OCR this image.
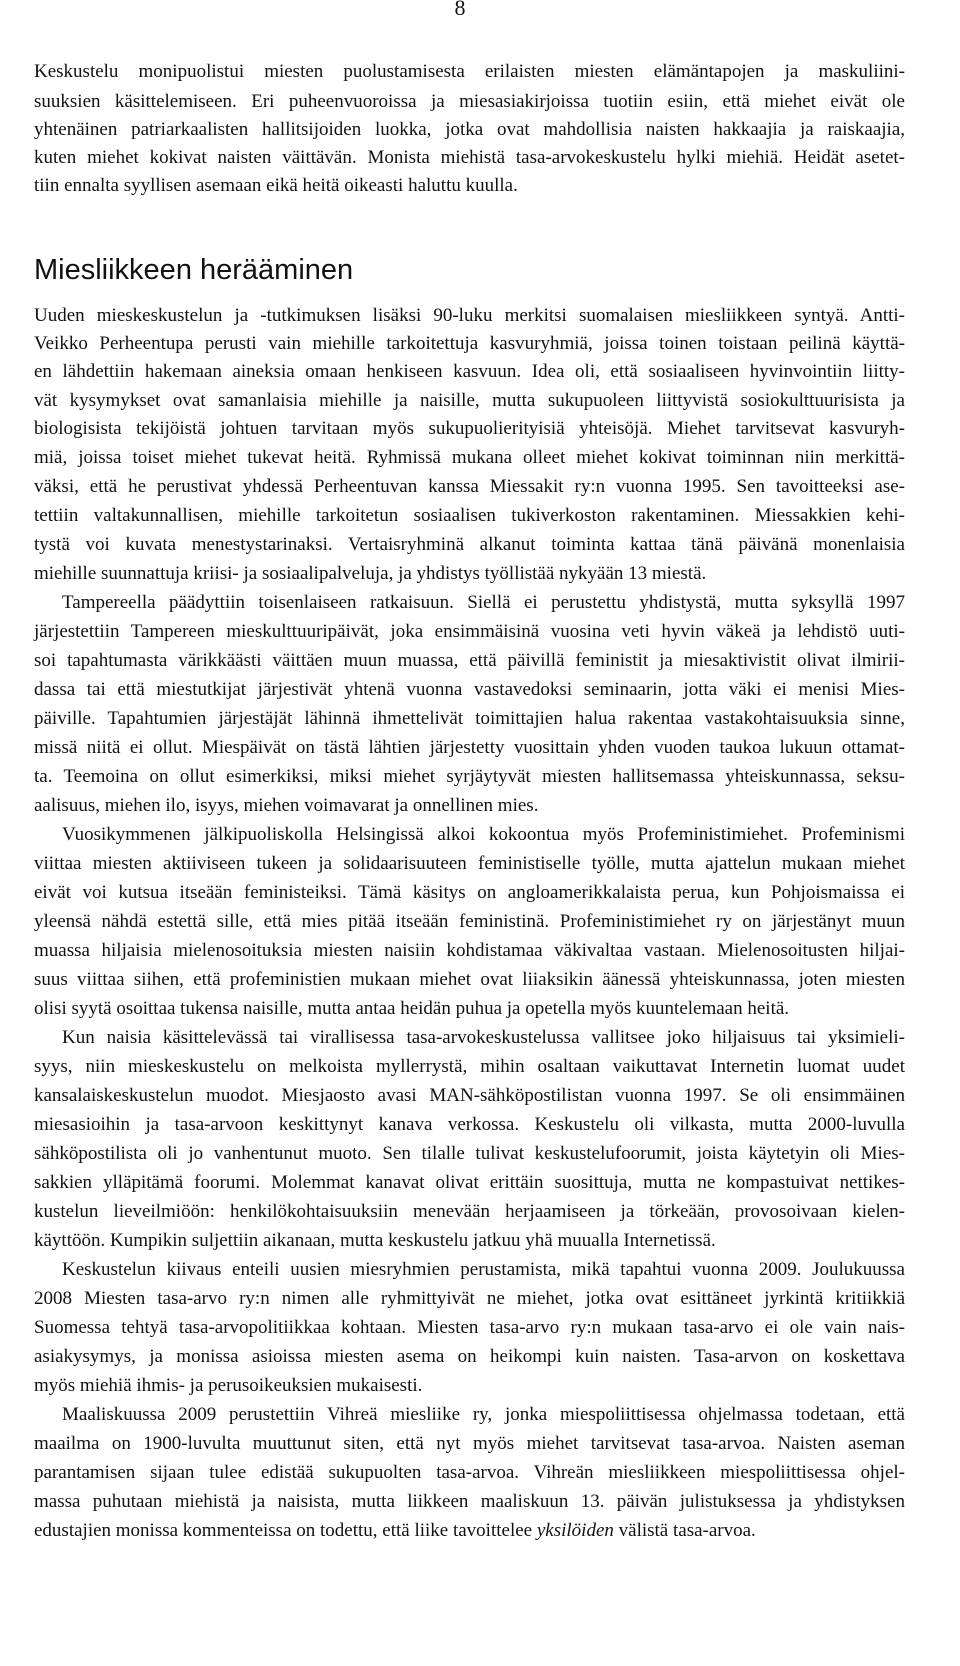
8
Keskustelu monipuolistui miesten puolustamisesta erilaisten miesten elämäntapojen ja maskuliini-
suuksien käsittelemiseen. Eri puheenvuoroissa ja miesasiakirjoissa tuotiin esiin, että miehet eivät ole
yhtenäinen patriarkaalisten hallitsijoiden luokka, jotka ovat mahdollisia naisten hakkaajia ja raiskaajia,
kuten miehet kokivat naisten väittävän. Monista miehistä tasa-arvokeskustelu hylki miehiä. Heidät asetet-
tiin ennalta syyllisen asemaan eikä heitä oikeasti haluttu kuulla.
Miesliikkeen herääminen
Uuden mieskeskustelun ja -tutkimuksen lisäksi 90-luku merkitsi suomalaisen miesliikkeen syntyä. Antti-
Veikko Perheentupa perusti vain miehille tarkoitettuja kasvuryhmiä, joissa toinen toistaan peilinä käyttä-
en lähdettiin hakemaan aineksia omaan henkiseen kasvuun. Idea oli, että sosiaaliseen hyvinvointiin liitty-
vät kysymykset ovat samanlaisia miehille ja naisille, mutta sukupuoleen liittyvistä sosiokulttuurisista ja
biologisista tekijöistä johtuen tarvitaan myös sukupuolierityisiä yhteisöjä. Miehet tarvitsevat kasvuryh-
miä, joissa toiset miehet tukevat heitä. Ryhmissä mukana olleet miehet kokivat toiminnan niin merkittä-
väksi, että he perustivat yhdessä Perheentuvan kanssa Miessakit ry:n vuonna 1995. Sen tavoitteeksi ase-
tettiin valtakunnallisen, miehille tarkoitetun sosiaalisen tukiverkoston rakentaminen. Miessakkien kehi-
tystä voi kuvata menestystarinaksi. Vertaisryhminä alkanut toiminta kattaa tänä päivänä monenlaisia
miehille suunnattuja kriisi- ja sosiaalipalveluja, ja yhdistys työllistää nykyään 13 miestä.
Tampereella päädyttiin toisenlaiseen ratkaisuun. Siellä ei perustettu yhdistystä, mutta syksyllä 1997
järjestettiin Tampereen mieskulttuuripäivät, joka ensimmäisinä vuosina veti hyvin väkeä ja lehdistö uuti-
soi tapahtumasta värikkäästi väittäen muun muassa, että päivillä feministit ja miesaktivistit olivat ilmirii-
dassa tai että miestutkijat järjestivät yhtenä vuonna vastavedoksi seminaarin, jotta väki ei menisi Mies-
päiville. Tapahtumien järjestäjät lähinnä ihmettelivät toimittajien halua rakentaa vastakohtaisuuksia sinne,
missä niitä ei ollut. Miespäivät on tästä lähtien järjestetty vuosittain yhden vuoden taukoa lukuun ottamat-
ta. Teemoina on ollut esimerkiksi, miksi miehet syrjäytyvät miesten hallitsemassa yhteiskunnassa, seksu-
aalisuus, miehen ilo, isyys, miehen voimavarat ja onnellinen mies.
Vuosikymmenen jälkipuoliskolla Helsingissä alkoi kokoontua myös Profeministimiehet. Profeminismi
viittaa miesten aktiiviseen tukeen ja solidaarisuuteen feministiselle työlle, mutta ajattelun mukaan miehet
eivät voi kutsua itseään feministeiksi. Tämä käsitys on angloamerikkalaista perua, kun Pohjoismaissa ei
yleensä nähdä estettä sille, että mies pitää itseään feministinä. Profeministimiehet ry on järjestänyt muun
muassa hiljaisia mielenosoituksia miesten naisiin kohdistamaa väkivaltaa vastaan. Mielenosoitusten hiljai-
suus viittaa siihen, että profeministien mukaan miehet ovat liiaksikin äänessä yhteiskunnassa, joten miesten
olisi syytä osoittaa tukensa naisille, mutta antaa heidän puhua ja opetella myös kuuntelemaan heitä.
Kun naisia käsittelevässä tai virallisessa tasa-arvokeskustelussa vallitsee joko hiljaisuus tai yksimieli-
syys, niin mieskeskustelu on melkoista myllerrystä, mihin osaltaan vaikuttavat Internetin luomat uudet
kansalaiskeskustelun muodot. Miesjaosto avasi MAN-sähköpostilistan vuonna 1997. Se oli ensimmäinen
miesasioihin ja tasa-arvoon keskittynyt kanava verkossa. Keskustelu oli vilkasta, mutta 2000-luvulla
sähköpostilista oli jo vanhentunut muoto. Sen tilalle tulivat keskustelufoorumit, joista käytetyin oli Mies-
sakkien ylläpitämä foorumi. Molemmat kanavat olivat erittäin suosittuja, mutta ne kompastuivat nettikes-
kustelun lieveilmiöön: henkilökohtaisuuksiin menevään herjaamiseen ja törkeään, provosoivaan kielen-
käyttöön. Kumpikin suljettiin aikanaan, mutta keskustelu jatkuu yhä muualla Internetissä.
Keskustelun kiivaus enteili uusien miesryhmien perustamista, mikä tapahtui vuonna 2009. Joulukuussa
2008 Miesten tasa-arvo ry:n nimen alle ryhmittyivät ne miehet, jotka ovat esittäneet jyrkintä kritiikkiä
Suomessa tehtyä tasa-arvopolitiikkaa kohtaan. Miesten tasa-arvo ry:n mukaan tasa-arvo ei ole vain nais-
asiakysymys, ja monissa asioissa miesten asema on heikompi kuin naisten. Tasa-arvon on koskettava
myös miehiä ihmis- ja perusoikeuksien mukaisesti.
Maaliskuussa 2009 perustettiin Vihreä miesliike ry, jonka miespoliittisessa ohjelmassa todetaan, että
maailma on 1900-luvulta muuttunut siten, että nyt myös miehet tarvitsevat tasa-arvoa. Naisten aseman
parantamisen sijaan tulee edistää sukupuolten tasa-arvoa. Vihreän miesliikkeen miespoliittisessa ohjel-
massa puhutaan miehistä ja naisista, mutta liikkeen maaliskuun 13. päivän julistuksessa ja yhdistyksen
edustajien monissa kommenteissa on todettu, että liike tavoittelee yksilöiden välistä tasa-arvoa.
